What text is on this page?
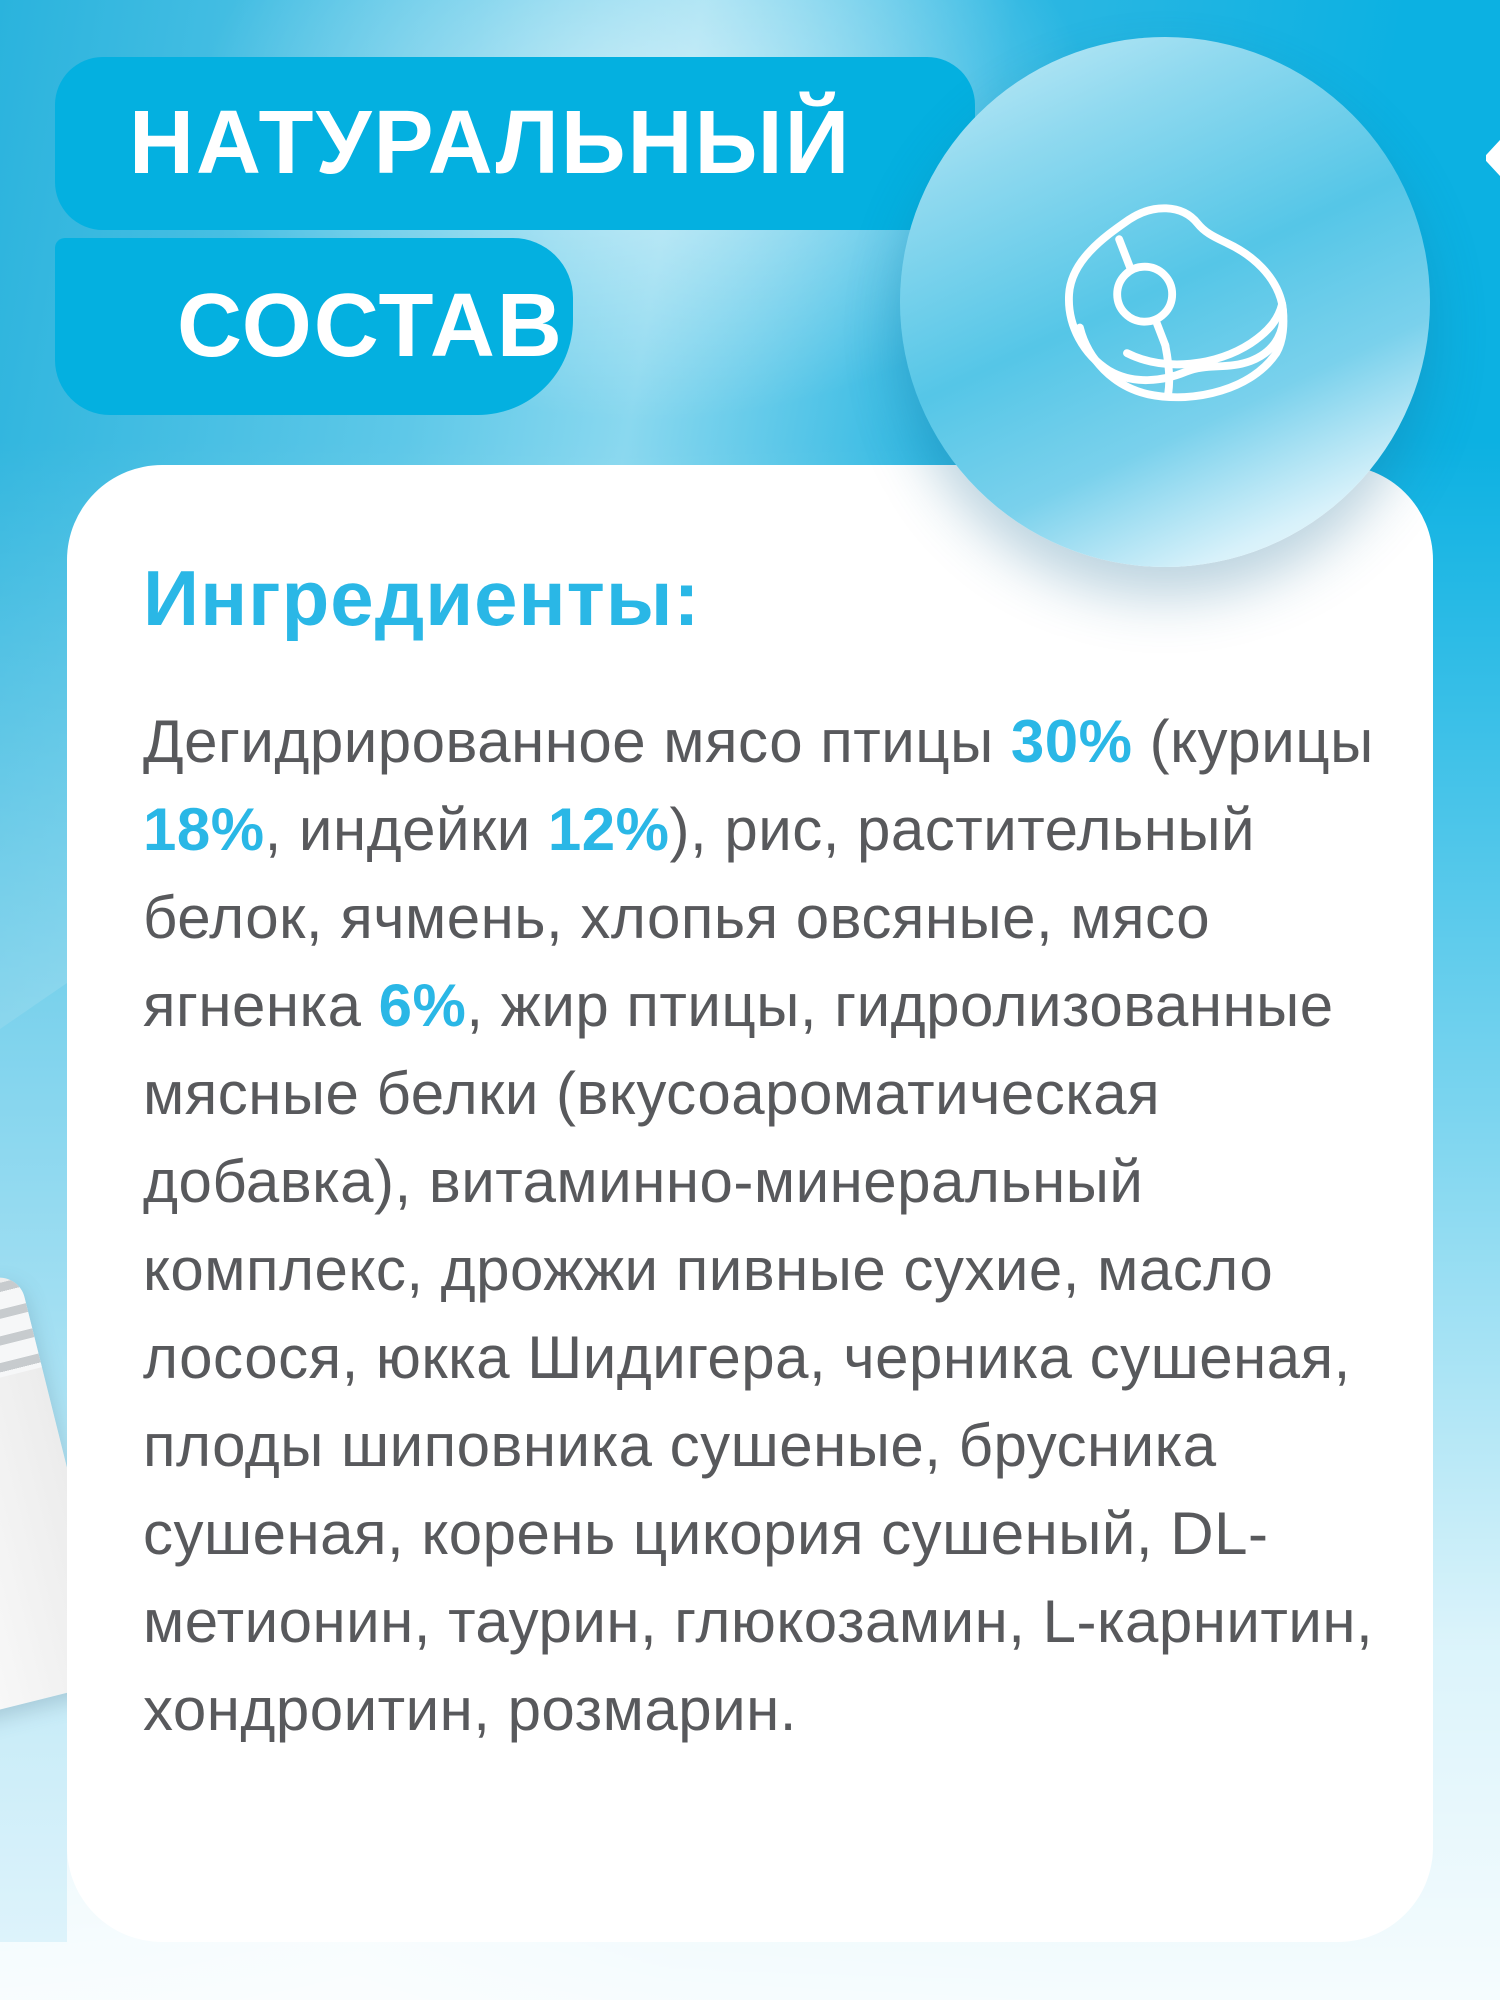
НАТУРАЛЬНЫЙ
СОСТАВ
Ингредиенты:

Дегидрированное мясо птицы 30% (курицы 18%, индейки 12%), рис, растительный белок, ячмень, хлопья овсяные, мясо ягненка 6%, жир птицы, гидролизованные мясные белки (вкусоароматическая добавка), витаминно-минеральный комплекс, дрожжи пивные сухие, масло лосося, юкка Шидигера, черника сушеная, плоды шиповника сушеные, брусника сушеная, корень цикория сушеный, DL-метионин, таурин, глюкозамин, L-карнитин, хондроитин, розмарин.
